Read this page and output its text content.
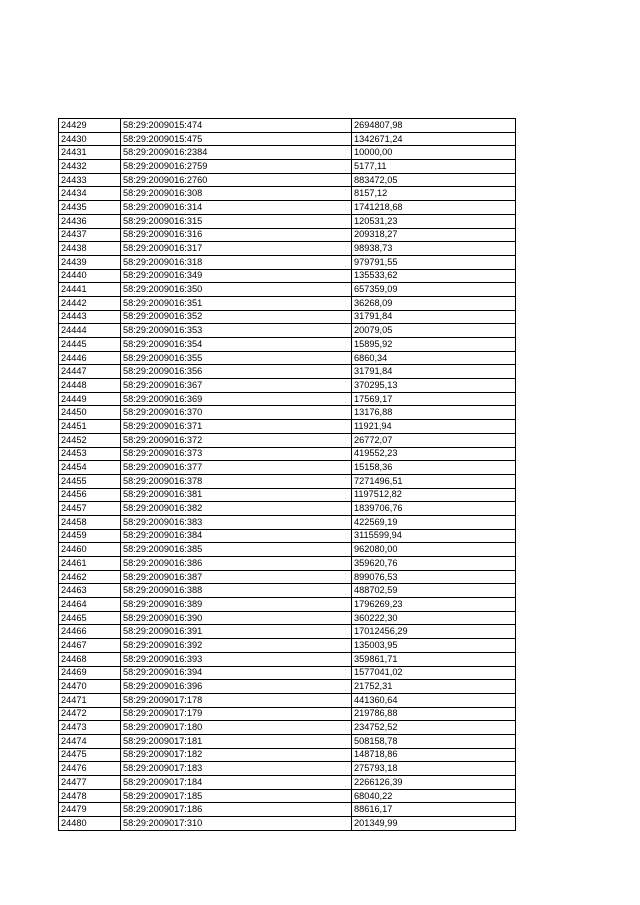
24429	58:29:2009015:474	2694807,98
24430	58:29:2009015:475	1342671,24
24431	58:29:2009016:2384	10000,00
24432	58:29:2009016:2759	5177,11
24433	58:29:2009016:2760	883472,05
24434	58:29:2009016:308	8157,12
24435	58:29:2009016:314	1741218,68
24436	58:29:2009016:315	120531,23
24437	58:29:2009016:316	209318,27
24438	58:29:2009016:317	98938,73
24439	58:29:2009016:318	979791,55
24440	58:29:2009016:349	135533,62
24441	58:29:2009016:350	657359,09
24442	58:29:2009016:351	36268,09
24443	58:29:2009016:352	31791,84
24444	58:29:2009016:353	20079,05
24445	58:29:2009016:354	15895,92
24446	58:29:2009016:355	6860,34
24447	58:29:2009016:356	31791,84
24448	58:29:2009016:367	370295,13
24449	58:29:2009016:369	17569,17
24450	58:29:2009016:370	13176,88
24451	58:29:2009016:371	11921,94
24452	58:29:2009016:372	26772,07
24453	58:29:2009016:373	419552,23
24454	58:29:2009016:377	15158,36
24455	58:29:2009016:378	7271496,51
24456	58:29:2009016:381	1197512,82
24457	58:29:2009016:382	1839706,76
24458	58:29:2009016:383	422569,19
24459	58:29:2009016:384	3115599,94
24460	58:29:2009016:385	962080,00
24461	58:29:2009016:386	359620,76
24462	58:29:2009016:387	899076,53
24463	58:29:2009016:388	488702,59
24464	58:29:2009016:389	1796269,23
24465	58:29:2009016:390	360222,30
24466	58:29:2009016:391	17012456,29
24467	58:29:2009016:392	135003,95
24468	58:29:2009016:393	359861,71
24469	58:29:2009016:394	1577041,02
24470	58:29:2009016:396	21752,31
24471	58:29:2009017:178	441360,64
24472	58:29:2009017:179	219786,88
24473	58:29:2009017:180	234752,52
24474	58:29:2009017:181	508158,78
24475	58:29:2009017:182	148718,86
24476	58:29:2009017:183	275793,18
24477	58:29:2009017:184	2266126,39
24478	58:29:2009017:185	68040,22
24479	58:29:2009017:186	88616,17
24480	58:29:2009017:310	201349,99
